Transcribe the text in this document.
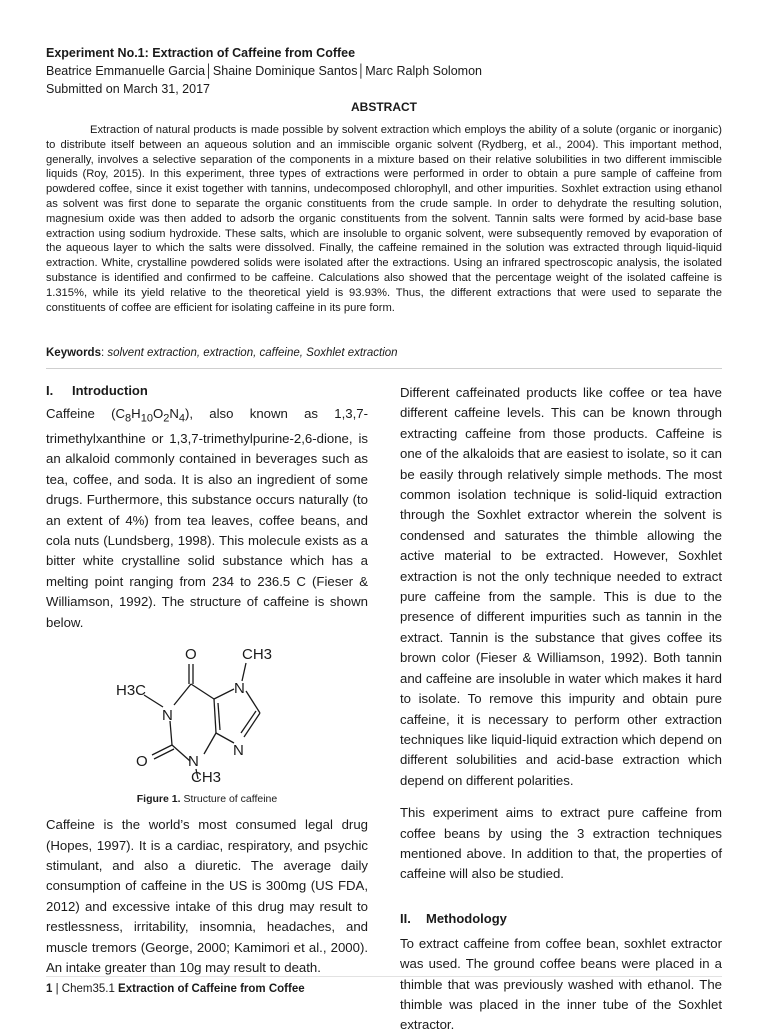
Experiment No.1: Extraction of Caffeine from Coffee

Beatrice Emmanuelle Garcia│Shaine Dominique Santos│Marc Ralph Solomon

Submitted on March 31, 2017

ABSTRACT

Extraction of natural products is made possible by solvent extraction which employs the ability of a solute (organic or inorganic) to distribute itself between an aqueous solution and an immiscible organic solvent (Rydberg, et al., 2004). This important method, generally, involves a selective separation of the components in a mixture based on their relative solubilities in two different immiscible liquids (Roy, 2015). In this experiment, three types of extractions were performed in order to obtain a pure sample of caffeine from powdered coffee, since it exist together with tannins, undecomposed chlorophyll, and other impurities. Soxhlet extraction using ethanol as solvent was first done to separate the organic constituents from the crude sample. In order to dehydrate the resulting solution, magnesium oxide was then added to adsorb the organic constituents from the solvent. Tannin salts were formed by acid-base base extraction using sodium hydroxide. These salts, which are insoluble to organic solvent, were subsequently removed by evaporation of the aqueous layer to which the salts were dissolved. Finally, the caffeine remained in the solution was extracted through liquid-liquid extraction. White, crystalline powdered solids were isolated after the extractions. Using an infrared spectroscopic analysis, the isolated substance is identified and confirmed to be caffeine. Calculations also showed that the percentage weight of the isolated caffeine is 1.315%, while its yield relative to the theoretical yield is 93.93%. Thus, the different extractions that were used to separate the constituents of coffee are efficient for isolating caffeine in its pure form.

Keywords: solvent extraction, extraction, caffeine, Soxhlet extraction

I.	Introduction

Caffeine $(C_8H_{10}O_2N_4)$, also known as 1,3,7-trimethylxanthine or 1,3,7-trimethylpurine-2,6-dione, is an alkaloid commonly contained in beverages such as tea, coffee, and soda. It is also an ingredient of some drugs. Furthermore, this substance occurs naturally (to an extent of 4%) from tea leaves, coffee beans, and cola nuts (Lundsberg, 1998). This molecule exists as a bitter white crystalline solid substance which has a melting point ranging from 234 to 236.5 C (Fieser & Williamson, 1992). The structure of caffeine is shown below.

O	CH3
H3C
N
N
N
O	N
CH3

Figure 1. Structure of caffeine

Caffeine is the world’s most consumed legal drug (Hopes, 1997). It is a cardiac, respiratory, and psychic stimulant, and also a diuretic. The average daily consumption of caffeine in the US is 300mg (US FDA, 2012) and excessive intake of this drug may result to restlessness, irritability, insomnia, headaches, and muscle tremors (George, 2000; Kamimori et al., 2000). An intake greater than 10g may result to death.

Different caffeinated products like coffee or tea have different caffeine levels. This can be known through extracting caffeine from those products. Caffeine is one of the alkaloids that are easiest to isolate, so it can be easily through relatively simple methods. The most common isolation technique is solid-liquid extraction through the Soxhlet extractor wherein the solvent is condensed and saturates the thimble allowing the active material to be extracted. However, Soxhlet extraction is not the only technique needed to extract pure caffeine from the sample. This is due to the presence of different impurities such as tannin in the extract. Tannin is the substance that gives coffee its brown color (Fieser & Williamson, 1992). Both tannin and caffeine are insoluble in water which makes it hard to isolate. To remove this impurity and obtain pure caffeine, it is necessary to perform other extraction techniques like liquid-liquid extraction which depend on different solubilities and acid-base extraction which depend on different polarities.

This experiment aims to extract pure caffeine from coffee beans by using the 3 extraction techniques mentioned above. In addition to that, the properties of caffeine will also be studied.

II.	Methodology

To extract caffeine from coffee bean, soxhlet extractor was used. The ground coffee beans were placed in a thimble that was previously washed with ethanol. The thimble was placed in the inner tube of the Soxhlet extractor.

1 | Chem35.1 Extraction of Caffeine from Coffee
